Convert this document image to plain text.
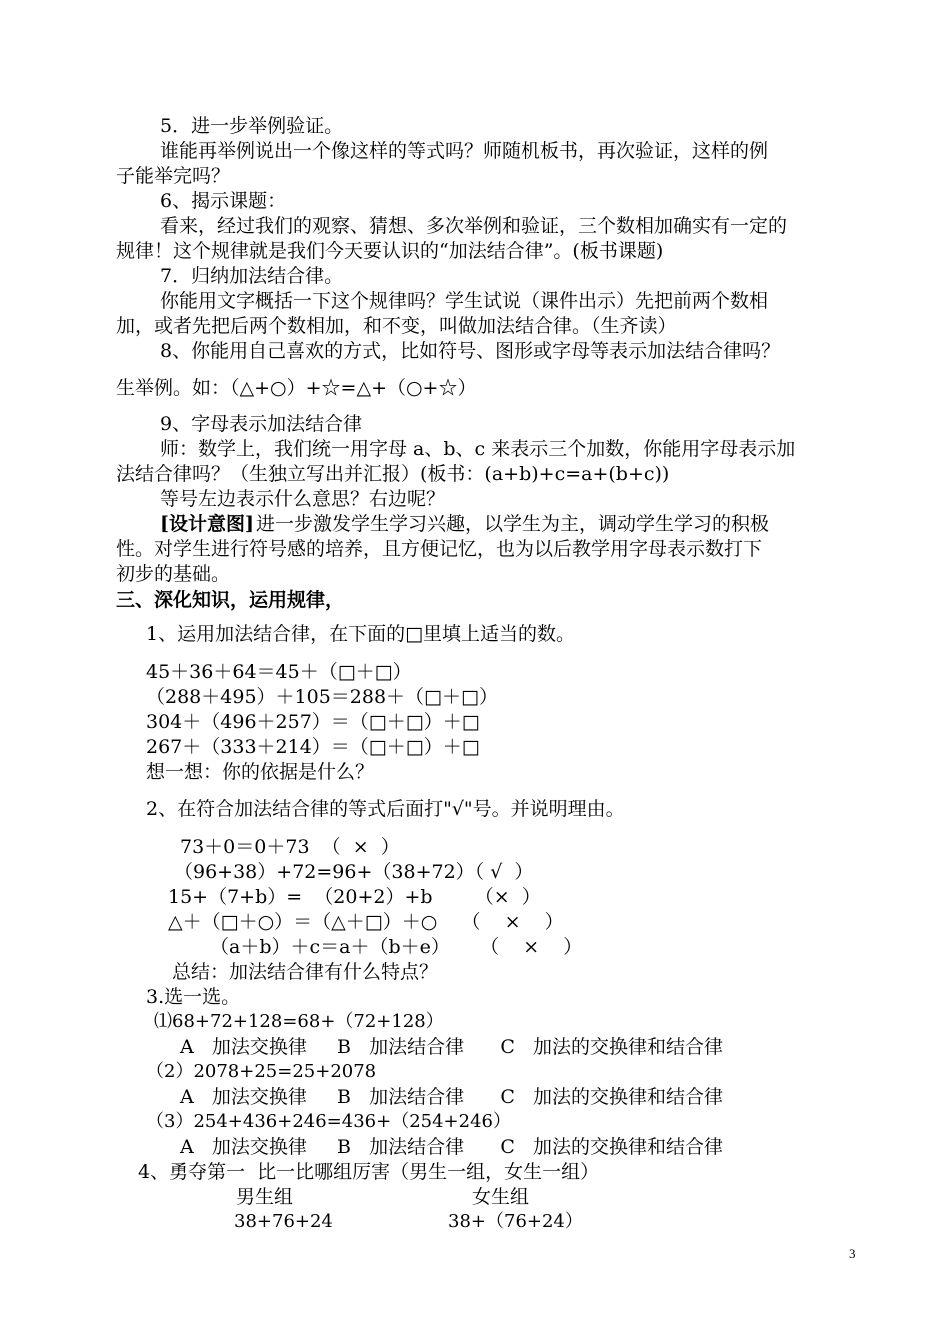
5．进一步举例验证。
谁能再举例说出一个像这样的等式吗？师随机板书，再次验证，这样的例
子能举完吗？
6、揭示课题：
看来，经过我们的观察、猜想、多次举例和验证，三个数相加确实有一定的
规律！这个规律就是我们今天要认识的“加法结合律”。(板书课题)
7．归纳加法结合律。
你能用文字概括一下这个规律吗？学生试说（课件出示）先把前两个数相
加，或者先把后两个数相加，和不变，叫做加法结合律。（生齐读）
8、你能用自己喜欢的方式，比如符号、图形或字母等表示加法结合律吗？
生举例。如：（△+○）+☆=△+（○+☆）
9、字母表示加法结合律
师：数学上，我们统一用字母 a、b、c 来表示三个加数，你能用字母表示加
法结合律吗？（生独立写出并汇报）(板书：(a+b)+c=a+(b+c))
等号左边表示什么意思？右边呢？
[设计意图] 进一步激发学生学习兴趣，以学生为主，调动学生学习的积极
性。对学生进行符号感的培养，且方便记忆，也为以后教学用字母表示数打下
初步的基础。
三、深化知识，运用规律，
1、运用加法结合律，在下面的□里填上适当的数。
45＋36＋64＝45＋（□＋□）
（288＋495）＋105＝288＋（□＋□）
304＋（496＋257）＝（□＋□）＋□
267＋（333＋214）＝（□＋□）＋□
想一想：你的依据是什么？
2、在符合加法结合律的等式后面打"√"号。并说明理由。
73＋0＝0＋73  （  ×  ）
（96+38）+72=96+（38+72）（ √  ）
15+（7+b）=  （20+2）+b       （×  ）
△＋（□＋○）＝（△＋□）＋○    （    ×    ）
（a＋b）＋c＝a＋（b＋e）     （    ×    ）
总结：加法结合律有什么特点？
3.选一选。
⑴68+72+128=68+（72+128）
A   加法交换律     B   加法结合律      C   加法的交换律和结合律
（2）2078+25=25+2078
A   加法交换律     B   加法结合律      C   加法的交换律和结合律
（3）254+436+246=436+（254+246）
A   加法交换律     B   加法结合律      C   加法的交换律和结合律
4、勇夺第一  比一比哪组厉害（男生一组，女生一组）
男生组	女生组
38+76+24	38+（76+24）
3
